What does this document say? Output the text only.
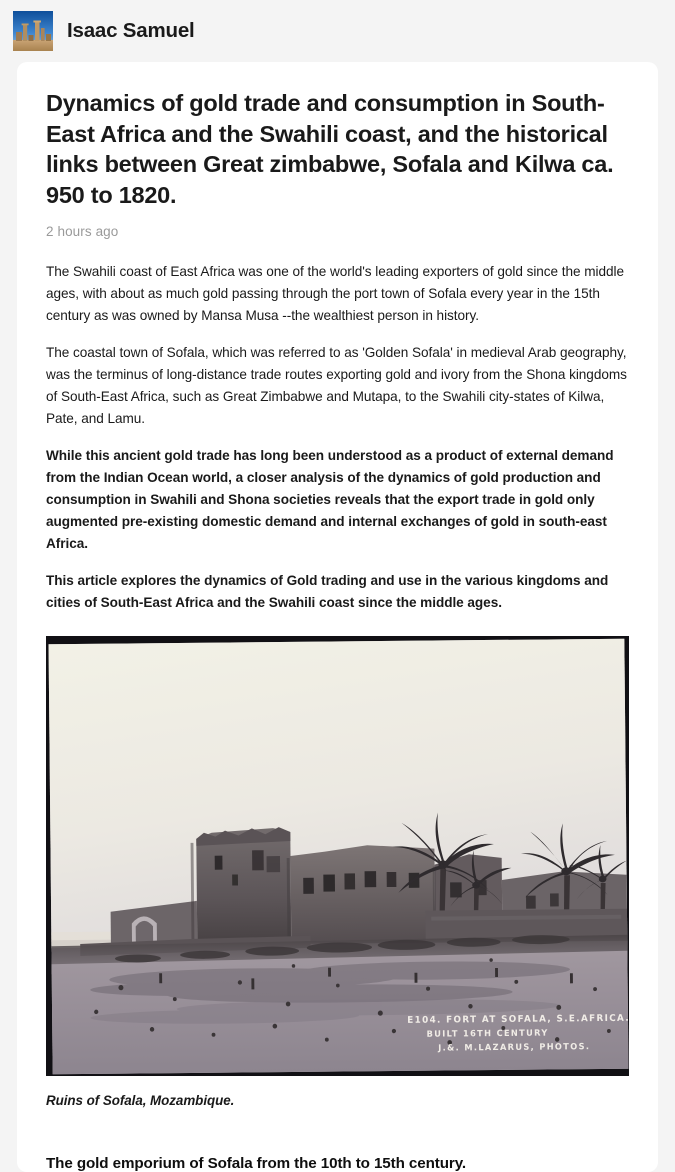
Isaac Samuel
Dynamics of gold trade and consumption in South-East Africa and the Swahili coast, and the historical links between Great zimbabwe, Sofala and Kilwa ca. 950 to 1820.
2 hours ago

The Swahili coast of East Africa was one of the world's leading exporters of gold since the middle ages, with about as much gold passing through the port town of Sofala every year in the 15th century as was owned by Mansa Musa --the wealthiest person in history.

The coastal town of Sofala, which was referred to as 'Golden Sofala' in medieval Arab geography, was the terminus of long-distance trade routes exporting gold and ivory from the Shona kingdoms of South-East Africa, such as Great Zimbabwe and Mutapa, to the Swahili city-states of Kilwa, Pate, and Lamu.

While this ancient gold trade has long been understood as a product of external demand from the Indian Ocean world, a closer analysis of the dynamics of gold production and consumption in Swahili and Shona societies reveals that the export trade in gold only augmented pre-existing domestic demand and internal exchanges of gold in south-east Africa.

This article explores the dynamics of Gold trading and use in the various kingdoms and cities of South-East Africa and the Swahili coast since the middle ages.

E104. FORT AT SOFALA, S.E.AFRICA.
BUILT 16TH CENTURY
J.&. M.LAZARUS, PHOTOS.
Ruins of Sofala, Mozambique.
The gold emporium of Sofala from the 10th to 15th century.
